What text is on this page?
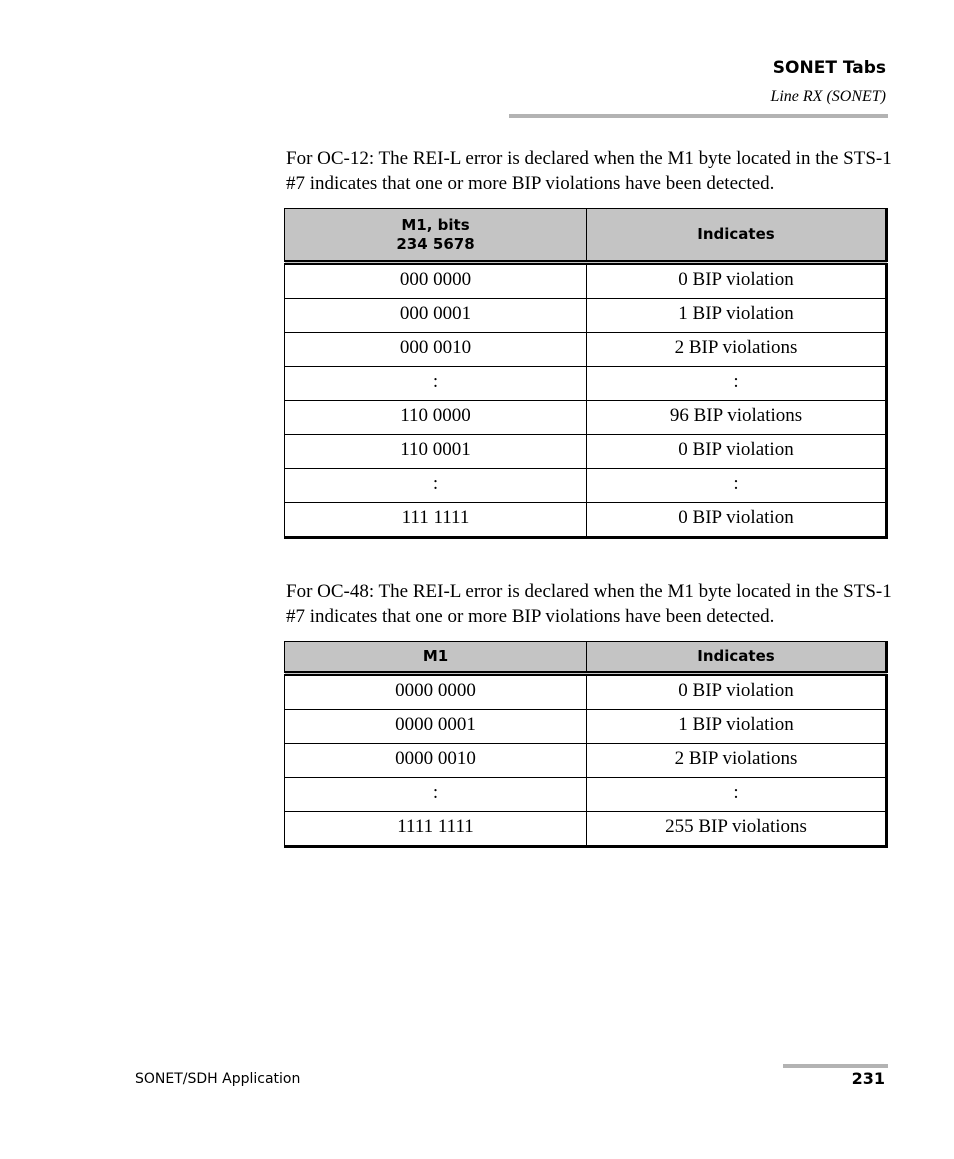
SONET Tabs
Line RX (SONET)
For OC-12: The REI-L error is declared when the M1 byte located in the STS-1 #7 indicates that one or more BIP violations have been detected.
M1, bits
234 5678	Indicates

000 0000	0 BIP violation

000 0001	1 BIP violation

000 0010	2 BIP violations

:	:

110 0000	96 BIP violations

110 0001	0 BIP violation

:	:

111 1111	0 BIP violation
For OC-48: The REI-L error is declared when the M1 byte located in the STS-1 #7 indicates that one or more BIP violations have been detected.
M1	Indicates

0000 0000	0 BIP violation

0000 0001	1 BIP violation

0000 0010	2 BIP violations

:	:

1111 1111	255 BIP violations
SONET/SDH Application	231
